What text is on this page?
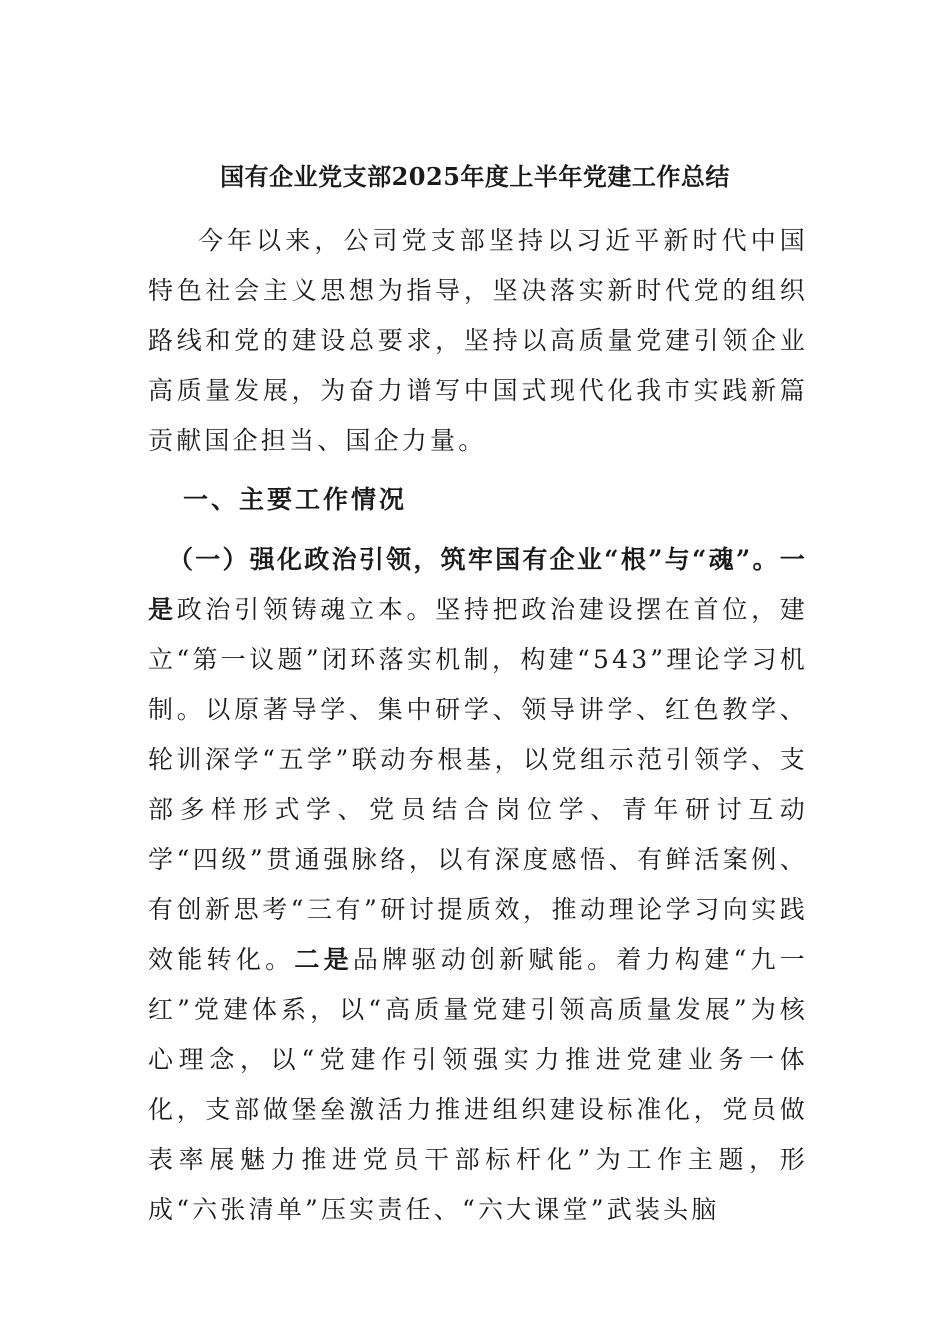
国有企业党支部2025年度上半年党建工作总结
今年以来，公司党支部坚持以习近平新时代中国特色社会主义思想为指导，坚决落实新时代党的组织路线和党的建设总要求，坚持以高质量党建引领企业高质量发展，为奋力谱写中国式现代化我市实践新篇贡献国企担当、国企力量。
一、主要工作情况
（一）强化政治引领，筑牢国有企业“根”与“魂”。一是政治引领铸魂立本。坚持把政治建设摆在首位，建立“第一议题”闭环落实机制，构建“543”理论学习机制。以原著导学、集中研学、领导讲学、红色教学、轮训深学“五学”联动夯根基，以党组示范引领学、支部多样形式学、党员结合岗位学、青年研讨互动学“四级”贯通强脉络，以有深度感悟、有鲜活案例、有创新思考“三有”研讨提质效，推动理论学习向实践效能转化。二是品牌驱动创新赋能。着力构建“九一红”党建体系，以“高质量党建引领高质量发展”为核心理念，以“党建作引领强实力推进党建业务一体化，支部做堡垒激活力推进组织建设标准化，党员做表率展魅力推进党员干部标杆化”为工作主题，形成“六张清单”压实责任、“六大课堂”武装头脑
